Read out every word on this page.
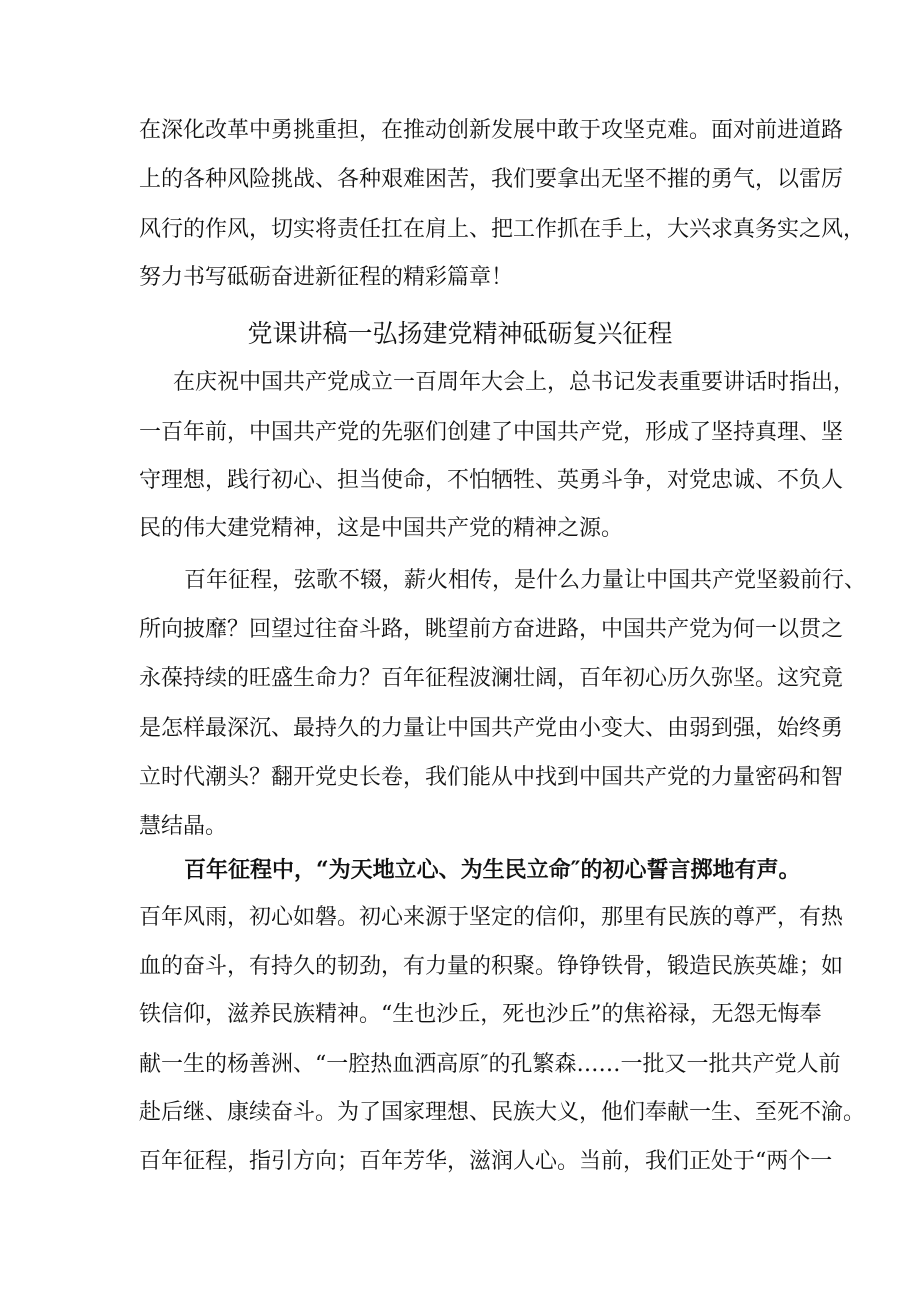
在深化改革中勇挑重担，在推动创新发展中敢于攻坚克难。面对前进道路
上的各种风险挑战、各种艰难困苦，我们要拿出无坚不摧的勇气，以雷厉
风行的作风，切实将责任扛在肩上、把工作抓在手上，大兴求真务实之风，
努力书写砥砺奋进新征程的精彩篇章！
党课讲稿一弘扬建党精神砥砺复兴征程
在庆祝中国共产党成立一百周年大会上，总书记发表重要讲话时指出，
一百年前，中国共产党的先驱们创建了中国共产党，形成了坚持真理、坚
守理想，践行初心、担当使命，不怕牺牲、英勇斗争，对党忠诚、不负人
民的伟大建党精神，这是中国共产党的精神之源。
百年征程，弦歌不辍，薪火相传，是什么力量让中国共产党坚毅前行、
所向披靡？回望过往奋斗路，眺望前方奋进路，中国共产党为何一以贯之
永葆持续的旺盛生命力？百年征程波澜壮阔，百年初心历久弥坚。这究竟
是怎样最深沉、最持久的力量让中国共产党由小变大、由弱到强，始终勇
立时代潮头？翻开党史长卷，我们能从中找到中国共产党的力量密码和智
慧结晶。
百年征程中，“为天地立心、为生民立命″的初心誓言掷地有声。
百年风雨，初心如磐。初心来源于坚定的信仰，那里有民族的尊严，有热
血的奋斗，有持久的韧劲，有力量的积聚。铮铮铁骨，锻造民族英雄；如
铁信仰，滋养民族精神。“生也沙丘，死也沙丘”的焦裕禄，无怨无悔奉
献一生的杨善洲、“一腔热血洒高原″的孔繁森……一批又一批共产党人前
赴后继、康续奋斗。为了国家理想、民族大义，他们奉献一生、至死不渝。
百年征程，指引方向；百年芳华，滋润人心。当前，我们正处于“两个一
